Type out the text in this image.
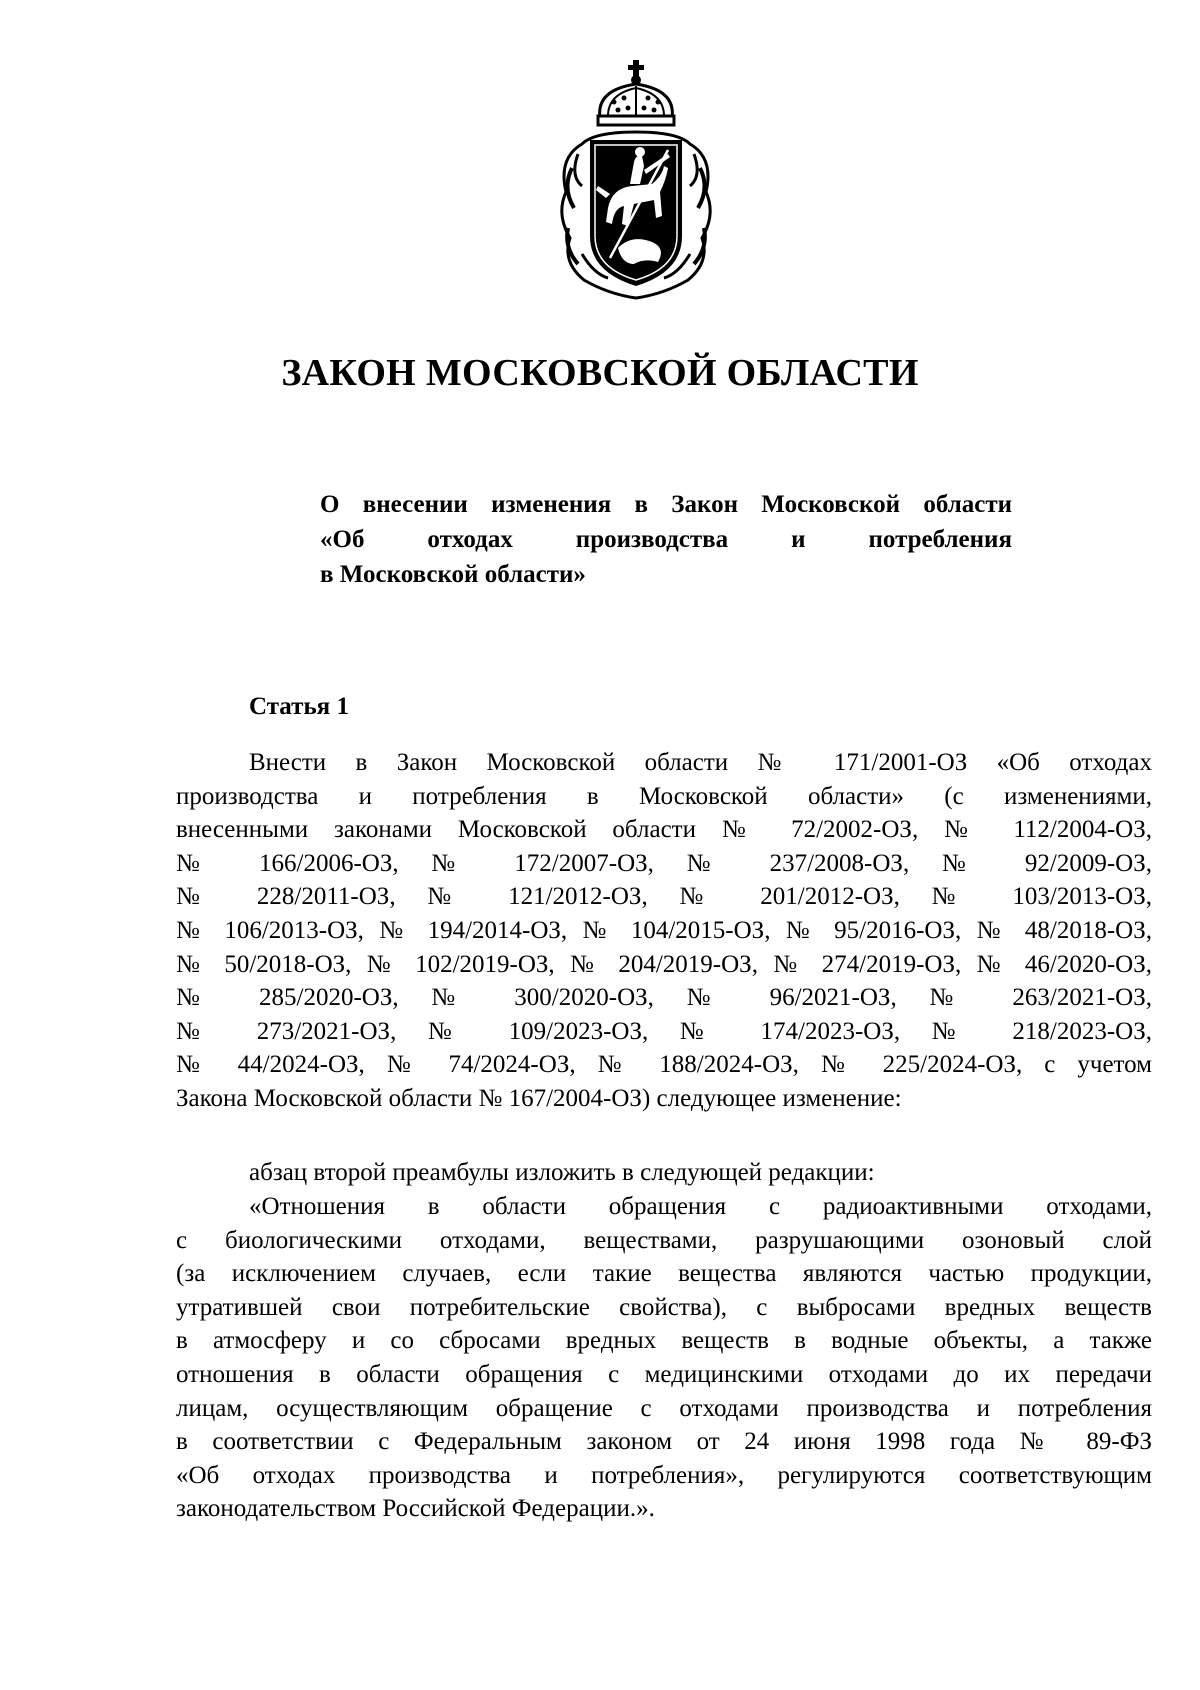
ЗАКОН МОСКОВСКОЙ ОБЛАСТИ
О внесении изменения в Закон Московской области
«Об отходах производства и потребления
в Московской области»
Статья 1
Внести в Закон Московской области № 171/2001-ОЗ «Об отходах
производства и потребления в Московской области» (с изменениями,
внесенными законами Московской области № 72/2002-ОЗ, № 112/2004-ОЗ,
№ 166/2006-ОЗ, № 172/2007-ОЗ, № 237/2008-ОЗ, № 92/2009-ОЗ,
№ 228/2011-ОЗ, № 121/2012-ОЗ, № 201/2012-ОЗ, № 103/2013-ОЗ,
№ 106/2013-ОЗ, № 194/2014-ОЗ, № 104/2015-ОЗ, № 95/2016-ОЗ, № 48/2018-ОЗ,
№ 50/2018-ОЗ, № 102/2019-ОЗ, № 204/2019-ОЗ, № 274/2019-ОЗ, № 46/2020-ОЗ,
№ 285/2020-ОЗ, № 300/2020-ОЗ, № 96/2021-ОЗ, № 263/2021-ОЗ,
№ 273/2021-ОЗ, № 109/2023-ОЗ, № 174/2023-ОЗ, № 218/2023-ОЗ,
№ 44/2024-ОЗ, № 74/2024-ОЗ, № 188/2024-ОЗ, № 225/2024-ОЗ, с учетом
Закона Московской области № 167/2004-ОЗ) следующее изменение:
абзац второй преамбулы изложить в следующей редакции:
«Отношения в области обращения с радиоактивными отходами,
с биологическими отходами, веществами, разрушающими озоновый слой
(за исключением случаев, если такие вещества являются частью продукции,
утратившей свои потребительские свойства), с выбросами вредных веществ
в атмосферу и со сбросами вредных веществ в водные объекты, а также
отношения в области обращения с медицинскими отходами до их передачи
лицам, осуществляющим обращение с отходами производства и потребления
в соответствии с Федеральным законом от 24 июня 1998 года № 89-ФЗ
«Об отходах производства и потребления», регулируются соответствующим
законодательством Российской Федерации.».
